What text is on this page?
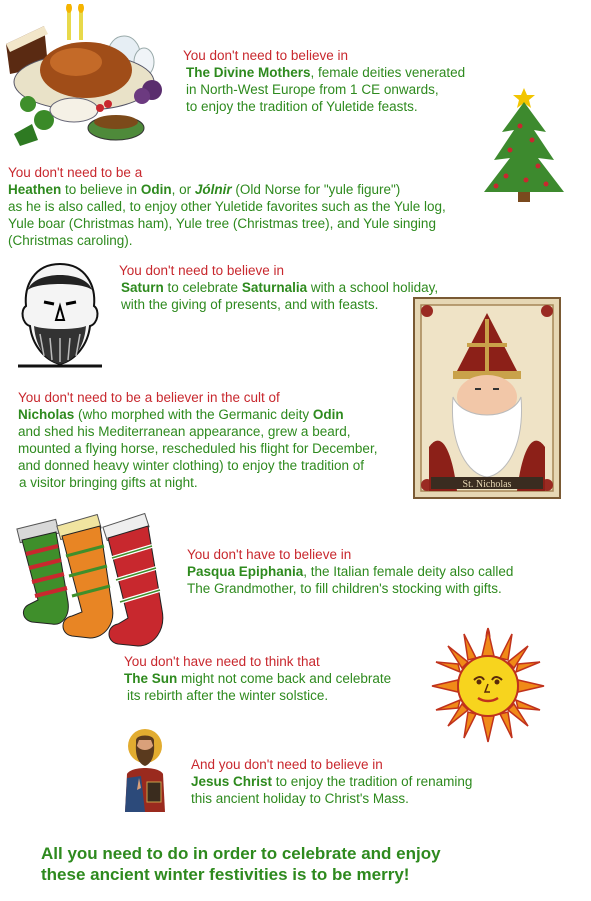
You don't need to believe in
The Divine Mothers, female deities venerated
in North-West Europe from 1 CE onwards,
to enjoy the tradition of Yuletide feasts.
You don't need to be a
Heathen to believe in Odin, or Jólnir (Old Norse for "yule figure")
as he is also called, to enjoy other Yuletide favorites such as the Yule log,
Yule boar (Christmas ham), Yule tree (Christmas tree), and Yule singing
(Christmas caroling).
You don't need to believe in
Saturn to celebrate Saturnalia with a school holiday,
with the giving of presents, and with feasts.
St. Nicholas
You don't need to be a believer in the cult of
Nicholas (who morphed with the Germanic deity Odin
and shed his Mediterranean appearance, grew a beard,
mounted a flying horse, rescheduled his flight for December,
and donned heavy winter clothing) to enjoy the tradition of
a visitor bringing gifts at night.
You don't have to believe in
Pasqua Epiphania, the Italian female deity also called
The Grandmother, to fill children's stocking with gifts.
You don't have need to think that
The Sun might not come back and celebrate
its rebirth after the winter solstice.
And you don't need to believe in
Jesus Christ to enjoy the tradition of renaming
this ancient holiday to Christ's Mass.
All you need to do in order to celebrate and enjoy
these ancient winter festivities is to be merry!
